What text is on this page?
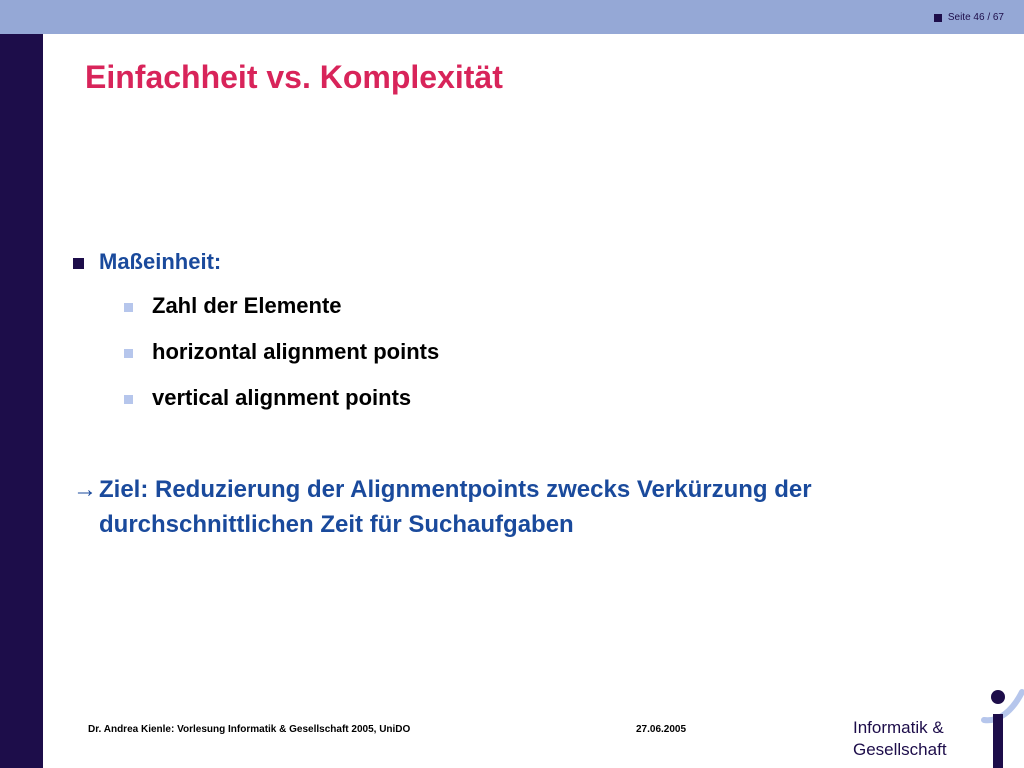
Seite 46 / 67
Einfachheit vs. Komplexität
Maßeinheit:
Zahl der Elemente
horizontal alignment points
vertical alignment points
→ Ziel: Reduzierung der Alignmentpoints zwecks Verkürzung der durchschnittlichen Zeit für Suchaufgaben
Dr. Andrea Kienle: Vorlesung Informatik & Gesellschaft 2005, UniDO	27.06.2005	Informatik &
Gesellschaft
